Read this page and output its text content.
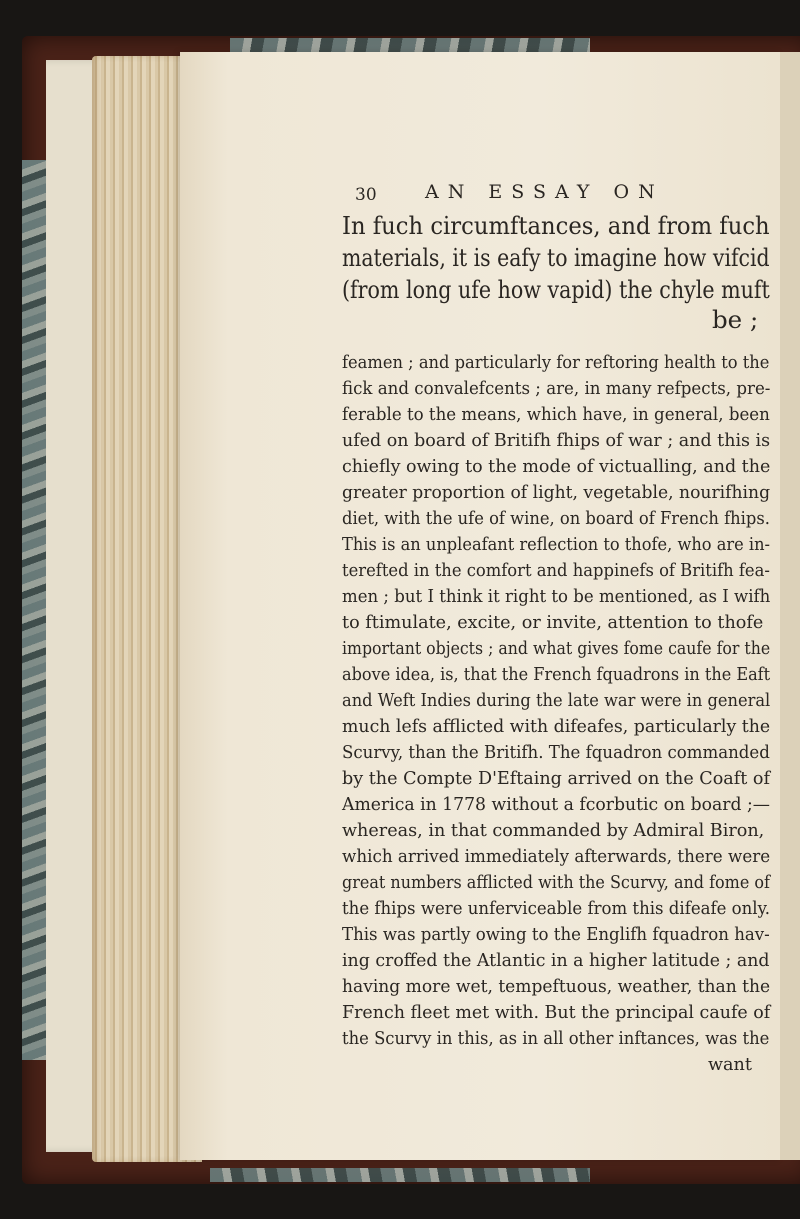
30	AN ESSAY ON
In fuch circumftances, and from fuch
materials, it is eafy to imagine how vifcid
(from long ufe how vapid) the chyle muft
be ;
feamen ; and particularly for reftoring health to the
fick and convalefcents ; are, in many refpects, pre-
ferable to the means, which have, in general, been
ufed on board of Britifh fhips of war ; and this is
chiefly owing to the mode of victualling, and the
greater proportion of light, vegetable, nourifhing
diet, with the ufe of wine, on board of French fhips.
This is an unpleafant reflection to thofe, who are in-
terefted in the comfort and happinefs of Britifh fea-
men ; but I think it right to be mentioned, as I wifh
to ftimulate, excite, or invite, attention to thofe
important objects ; and what gives fome caufe for the
above idea, is, that the French fquadrons in the Eaft
and Weft Indies during the late war were in general
much lefs afflicted with difeafes, particularly the
Scurvy, than the Britifh. The fquadron commanded
by the Compte D'Eftaing arrived on the Coaft of
America in 1778 without a fcorbutic on board ;—
whereas, in that commanded by Admiral Biron,
which arrived immediately afterwards, there were
great numbers afflicted with the Scurvy, and fome of
the fhips were unferviceable from this difeafe only.
This was partly owing to the Englifh fquadron hav-
ing croffed the Atlantic in a higher latitude ; and
having more wet, tempeftuous, weather, than the
French fleet met with. But the principal caufe of
the Scurvy in this, as in all other inftances, was the
want
